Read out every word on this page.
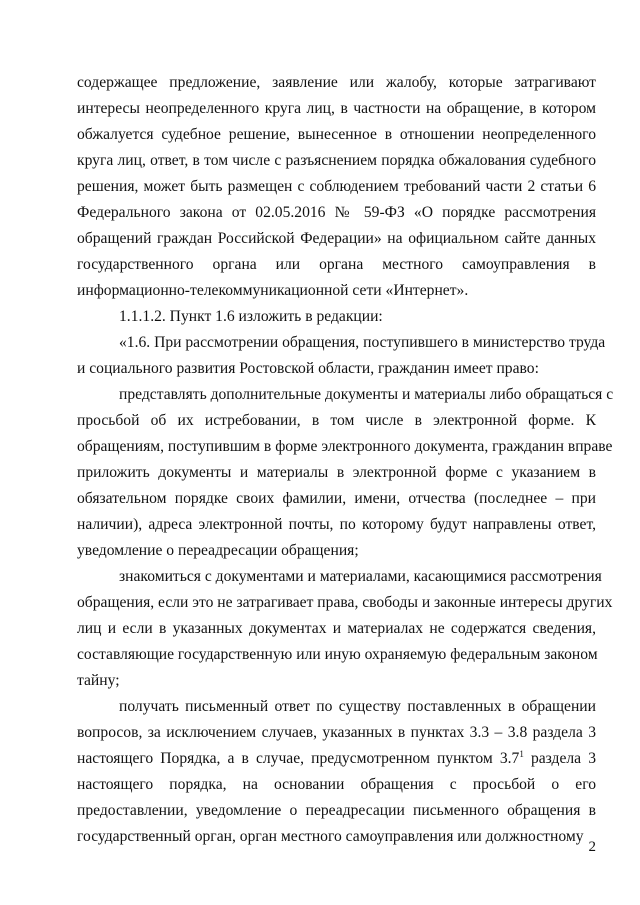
содержащее предложение, заявление или жалобу, которые затрагивают
интересы неопределенного круга лиц, в частности на обращение, в котором
обжалуется судебное решение, вынесенное в отношении неопределенного
круга лиц, ответ, в том числе с разъяснением порядка обжалования судебного
решения, может быть размещен с соблюдением требований части 2 статьи 6
Федерального закона от 02.05.2016 № 59-ФЗ «О порядке рассмотрения
обращений граждан Российской Федерации» на официальном сайте данных
государственного органа или органа местного самоуправления в
информационно-телекоммуникационной сети «Интернет».
1.1.1.2. Пункт 1.6 изложить в редакции:
«1.6. При рассмотрении обращения, поступившего в министерство труда
и социального развития Ростовской области, гражданин имеет право:
представлять дополнительные документы и материалы либо обращаться с
просьбой об их истребовании, в том числе в электронной форме. К
обращениям, поступившим в форме электронного документа, гражданин вправе
приложить документы и материалы в электронной форме с указанием в
обязательном порядке своих фамилии, имени, отчества (последнее – при
наличии), адреса электронной почты, по которому будут направлены ответ,
уведомление о переадресации обращения;
знакомиться с документами и материалами, касающимися рассмотрения
обращения, если это не затрагивает права, свободы и законные интересы других
лиц и если в указанных документах и материалах не содержатся сведения,
составляющие государственную или иную охраняемую федеральным законом
тайну;
получать письменный ответ по существу поставленных в обращении
вопросов, за исключением случаев, указанных в пунктах 3.3 – 3.8 раздела 3
настоящего Порядка, а в случае, предусмотренном пунктом $3.7^1$ раздела 3
настоящего порядка, на основании обращения с просьбой о его
предоставлении, уведомление о переадресации письменного обращения в
государственный орган, орган местного самоуправления или должностному
2
